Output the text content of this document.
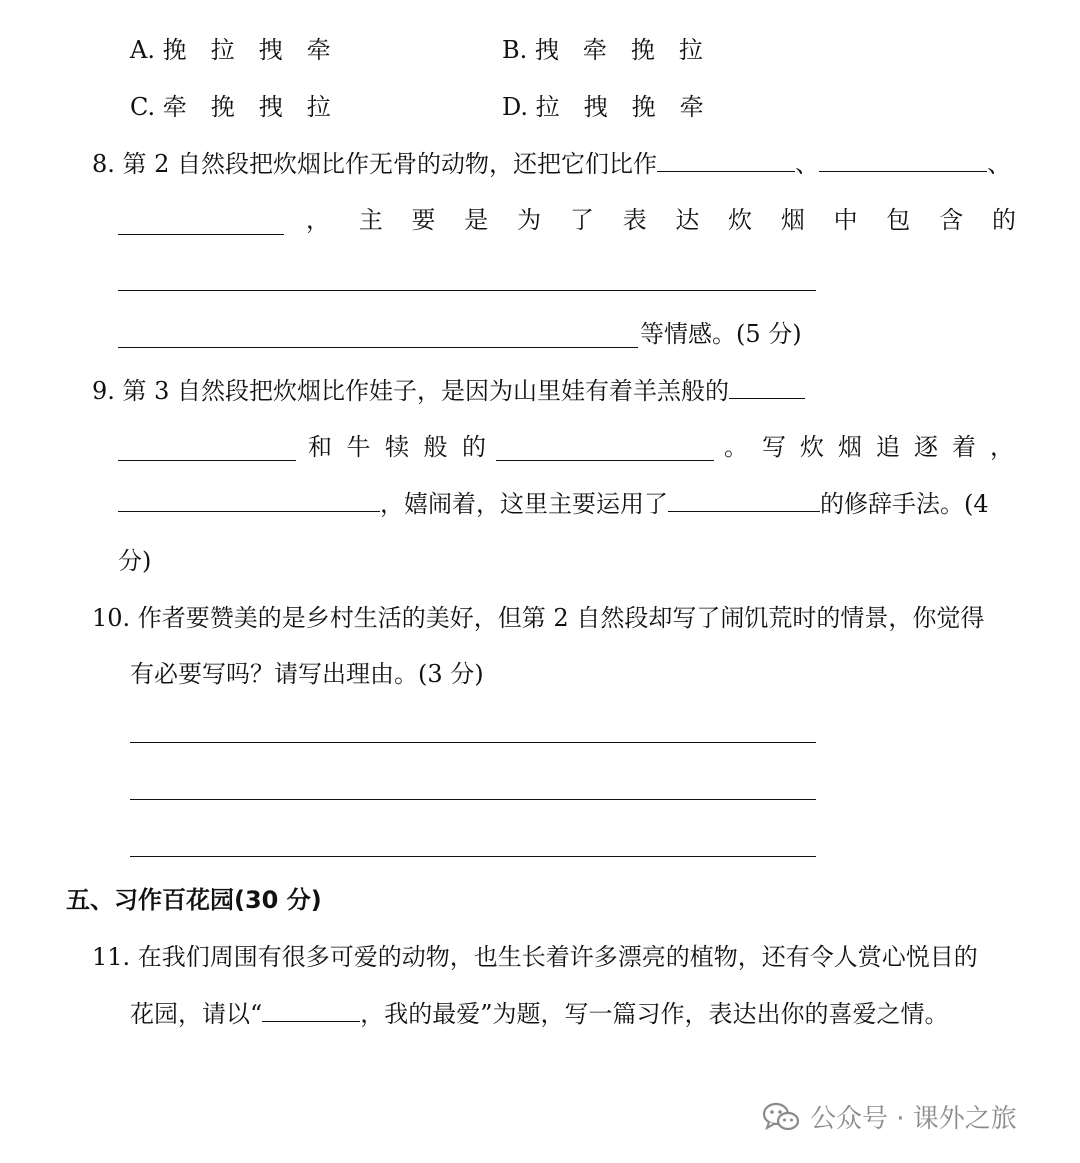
A. 挽　拉　拽　牵	B. 拽　牵　挽　拉
C. 牵　挽　拽　拉	D. 拉　拽　挽　牵
8. 第 2 自然段把炊烟比作无骨的动物，还把它们比作	、	、
， 主 要 是 为 了 表 达 炊 烟 中 包 含 的
等情感。(5 分)
9. 第 3 自然段把炊烟比作娃子，是因为山里娃有着羊羔般的
和 牛 犊 般 的	。 写 炊 烟 追 逐 着 ，
，嬉闹着，这里主要运用了	的修辞手法。(4
分)
10. 作者要赞美的是乡村生活的美好，但第 2 自然段却写了闹饥荒时的情景，你觉得
有必要写吗？请写出理由。(3 分)
五、习作百花园(30 分)
11. 在我们周围有很多可爱的动物，也生长着许多漂亮的植物，还有令人赏心悦目的
花园，请以“	，我的最爱”为题，写一篇习作，表达出你的喜爱之情。
公众号 · 课外之旅
